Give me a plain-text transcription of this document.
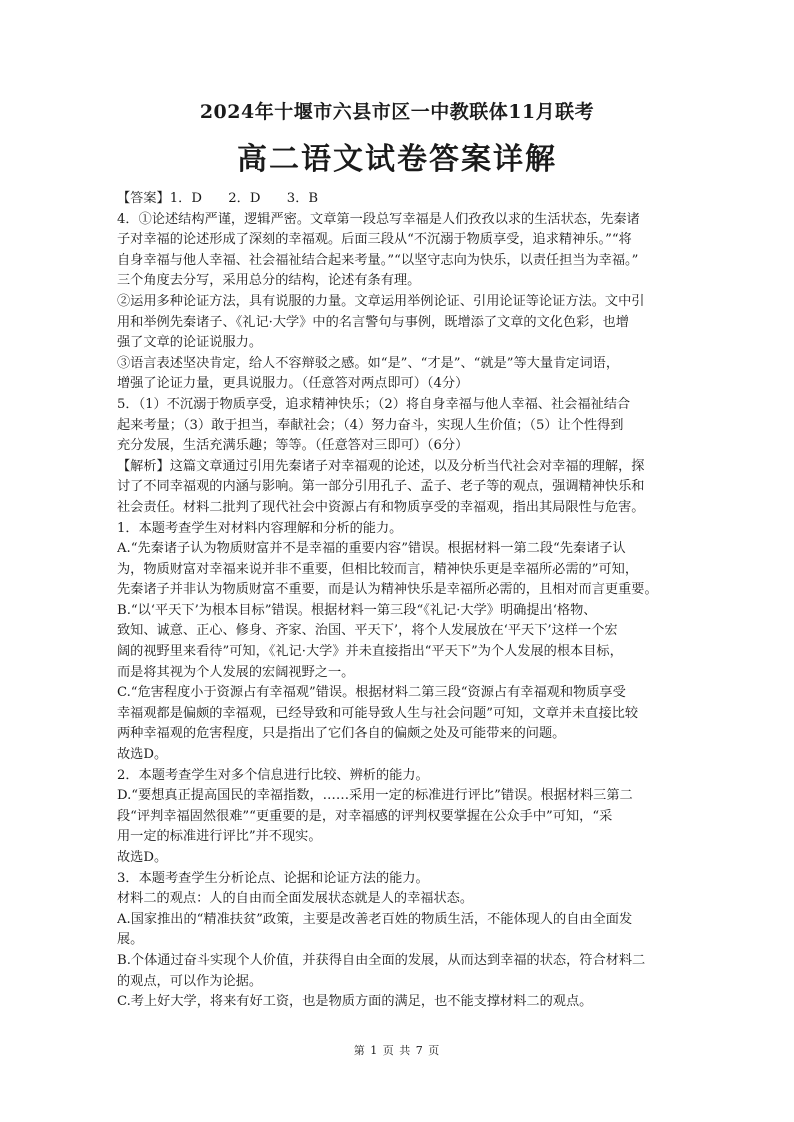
2024年十堰市六县市区一中教联体11月联考
高二语文试卷答案详解
【答案】1．D　　2．D　　3．B
4．①论述结构严谨，逻辑严密。文章第一段总写幸福是人们孜孜以求的生活状态，先秦诸
子对幸福的论述形成了深刻的幸福观。后面三段从“不沉溺于物质享受，追求精神乐。”“将
自身幸福与他人幸福、社会福祉结合起来考量。”“以坚守志向为快乐，以责任担当为幸福。”
三个角度去分写，采用总分的结构，论述有条有理。
②运用多种论证方法，具有说服的力量。文章运用举例论证、引用论证等论证方法。文中引
用和举例先秦诸子、《礼记·大学》中的名言警句与事例，既增添了文章的文化色彩，也增
强了文章的论证说服力。
③语言表述坚决肯定，给人不容辩驳之感。如“是”、“才是”、“就是”等大量肯定词语，
增强了论证力量，更具说服力。（任意答对两点即可）（4分）
5．（1）不沉溺于物质享受，追求精神快乐；（2）将自身幸福与他人幸福、社会福祉结合
起来考量；（3）敢于担当，奉献社会；（4）努力奋斗，实现人生价值；（5）让个性得到
充分发展，生活充满乐趣；等等。（任意答对三即可）（6分）
【解析】这篇文章通过引用先秦诸子对幸福观的论述，以及分析当代社会对幸福的理解，探
讨了不同幸福观的内涵与影响。第一部分引用孔子、孟子、老子等的观点，强调精神快乐和
社会责任。材料二批判了现代社会中资源占有和物质享受的幸福观，指出其局限性与危害。
1．本题考查学生对材料内容理解和分析的能力。
A.“先秦诸子认为物质财富并不是幸福的重要内容”错误。根据材料一第二段“先秦诸子认
为，物质财富对幸福来说并非不重要，但相比较而言，精神快乐更是幸福所必需的”可知，
先秦诸子并非认为物质财富不重要，而是认为精神快乐是幸福所必需的，且相对而言更重要。
B.“以‘平天下’为根本目标”错误。根据材料一第三段“《礼记·大学》明确提出‘格物、
致知、诚意、正心、修身、齐家、治国、平天下’，将个人发展放在‘平天下’这样一个宏
阔的视野里来看待”可知，《礼记·大学》并未直接指出“平天下”为个人发展的根本目标，
而是将其视为个人发展的宏阔视野之一。
C.“危害程度小于资源占有幸福观”错误。根据材料二第三段“资源占有幸福观和物质享受
幸福观都是偏颇的幸福观，已经导致和可能导致人生与社会问题”可知，文章并未直接比较
两种幸福观的危害程度，只是指出了它们各自的偏颇之处及可能带来的问题。
故选D。
2．本题考查学生对多个信息进行比较、辨析的能力。
D.“要想真正提高国民的幸福指数，……采用一定的标准进行评比”错误。根据材料三第二
段“评判幸福固然很难”“更重要的是，对幸福感的评判权要掌握在公众手中”可知，“采
用一定的标准进行评比”并不现实。
故选D。
3．本题考查学生分析论点、论据和论证方法的能力。
材料二的观点：人的自由而全面发展状态就是人的幸福状态。
A.国家推出的“精准扶贫”政策，主要是改善老百姓的物质生活，不能体现人的自由全面发
展。
B.个体通过奋斗实现个人价值，并获得自由全面的发展，从而达到幸福的状态，符合材料二
的观点，可以作为论据。
C.考上好大学，将来有好工资，也是物质方面的满足，也不能支撑材料二的观点。
第 1 页 共 7 页
